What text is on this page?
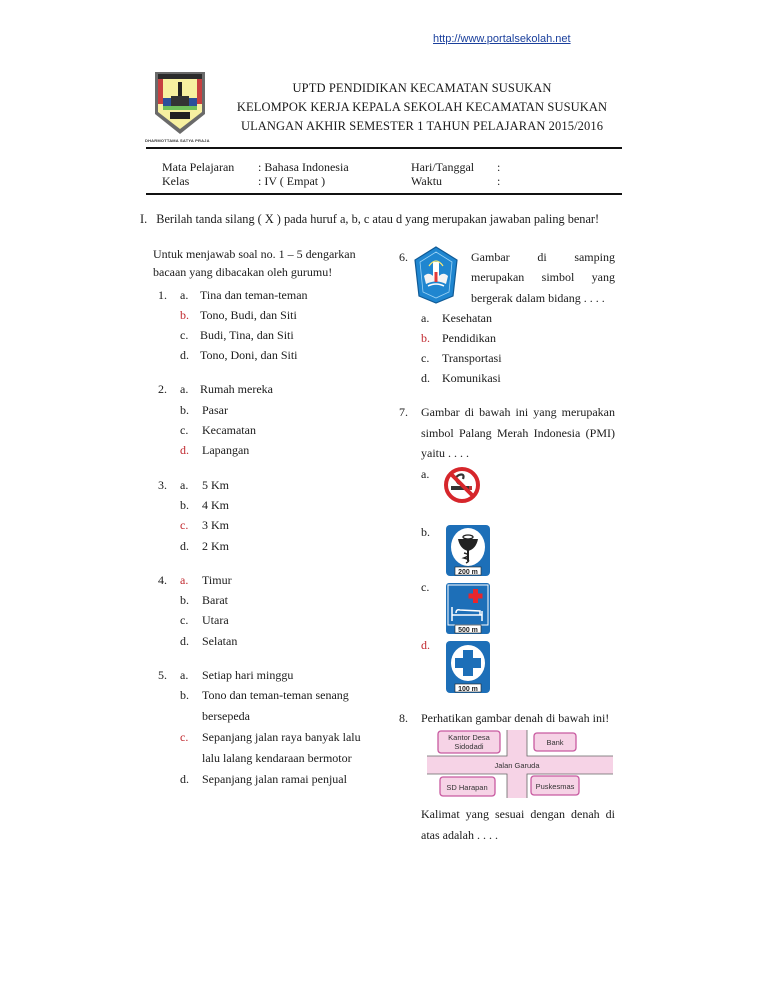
http://www.portalsekolah.net
DHARMOTTAMA SATYA PRAJA
UPTD PENDIDIKAN KECAMATAN SUSUKAN
KELOMPOK KERJA KEPALA SEKOLAH KECAMATAN SUSUKAN
ULANGAN AKHIR SEMESTER 1 TAHUN PELAJARAN 2015/2016
Mata Pelajaran : Bahasa Indonesia	Hari/Tanggal :
Kelas	: IV ( Empat )	Waktu	:
I. Berilah tanda silang ( X ) pada huruf a, b, c atau d yang merupakan jawaban paling benar!
Untuk menjawab soal no. 1 – 5 dengarkan
bacaan yang dibacakan oleh gurumu!
1. a. Tina dan teman-teman
b. Tono, Budi, dan Siti
c. Budi, Tina, dan Siti
d. Tono, Doni, dan Siti
2. a. Rumah mereka
b. Pasar
c. Kecamatan
d. Lapangan
3. a. 5 Km
b. 4 Km
c. 3 Km
d. 2 Km
4. a. Timur
b. Barat
c. Utara
d. Selatan
5. a. Setiap hari minggu
b. Tono dan teman-teman senang
bersepeda
c. Sepanjang jalan raya banyak lalu
lalu lalang kendaraan bermotor
d. Sepanjang jalan ramai penjual
6.	Gambar di samping
merupakan simbol yang
bergerak dalam bidang . . . .
a. Kesehatan
b. Pendidikan
c. Transportasi
d. Komunikasi
7. Gambar di bawah ini yang merupakan
simbol Palang Merah Indonesia (PMI)
yaitu . . . .
a.
b.
200 m
c.
500 m
d.
100 m
8. Perhatikan gambar denah di bawah ini!
Kantor Desa
Sidodadi	Bank
Jalan Garuda
SD Harapan	Puskesmas
Kalimat yang sesuai dengan denah di
atas adalah . . . .
